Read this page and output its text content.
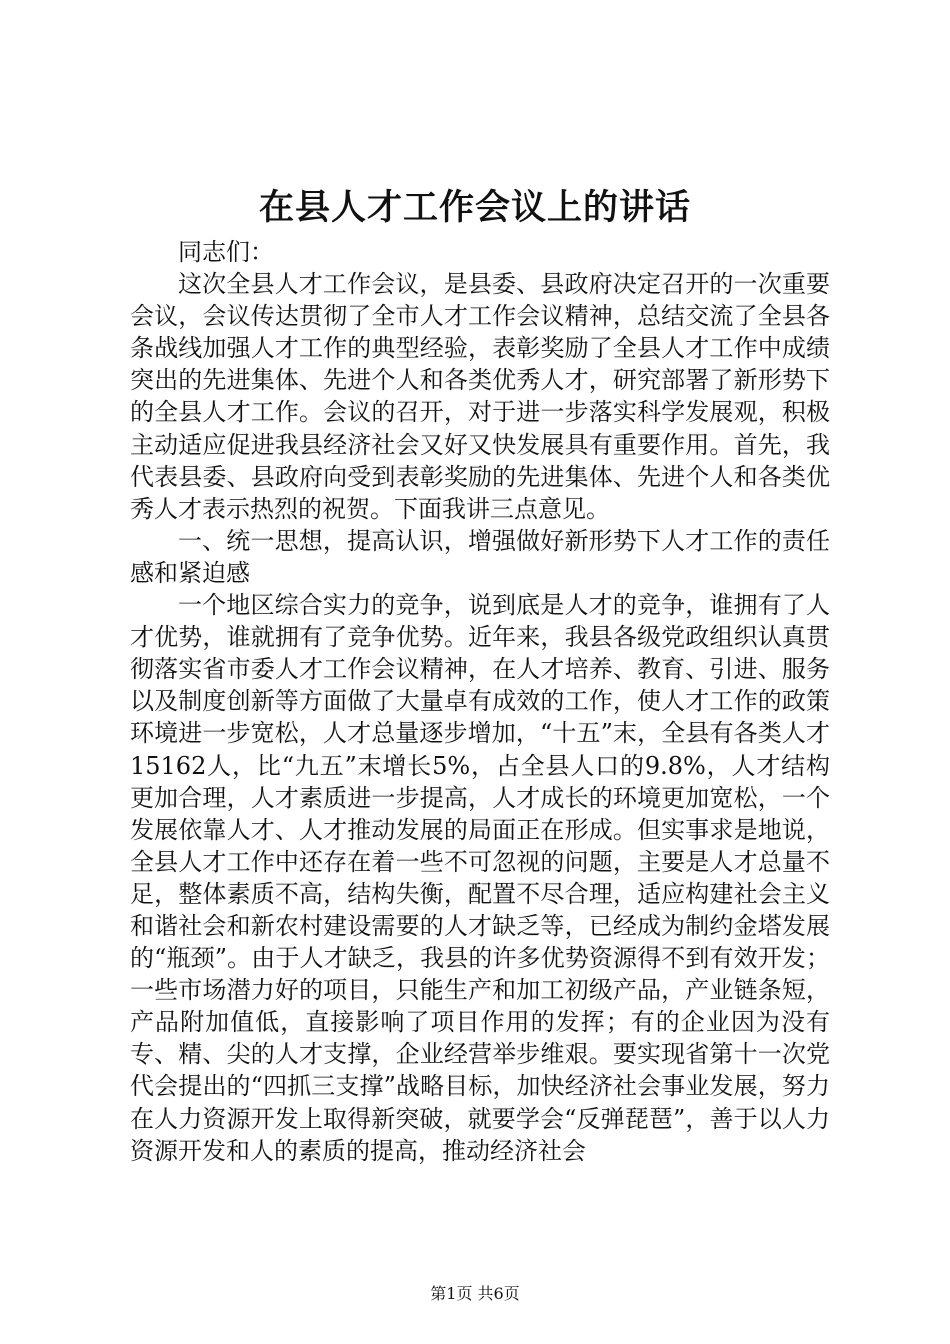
在县人才工作会议上的讲话

同志们：

这次全县人才工作会议，是县委、县政府决定召开的一次重要会议，会议传达贯彻了全市人才工作会议精神，总结交流了全县各条战线加强人才工作的典型经验，表彰奖励了全县人才工作中成绩突出的先进集体、先进个人和各类优秀人才，研究部署了新形势下的全县人才工作。会议的召开，对于进一步落实科学发展观，积极主动适应促进我县经济社会又好又快发展具有重要作用。首先，我代表县委、县政府向受到表彰奖励的先进集体、先进个人和各类优秀人才表示热烈的祝贺。下面我讲三点意见。

一、统一思想，提高认识，增强做好新形势下人才工作的责任感和紧迫感

一个地区综合实力的竞争，说到底是人才的竞争，谁拥有了人才优势，谁就拥有了竞争优势。近年来，我县各级党政组织认真贯彻落实省市委人才工作会议精神，在人才培养、教育、引进、服务以及制度创新等方面做了大量卓有成效的工作，使人才工作的政策环境进一步宽松，人才总量逐步增加，“十五”末，全县有各类人才15162人，比“九五”末增长5%，占全县人口的9.8%，人才结构更加合理，人才素质进一步提高，人才成长的环境更加宽松，一个发展依靠人才、人才推动发展的局面正在形成。但实事求是地说，全县人才工作中还存在着一些不可忽视的问题，主要是人才总量不足，整体素质不高，结构失衡，配置不尽合理，适应构建社会主义和谐社会和新农村建设需要的人才缺乏等，已经成为制约金塔发展的“瓶颈”。由于人才缺乏，我县的许多优势资源得不到有效开发；一些市场潜力好的项目，只能生产和加工初级产品，产业链条短，产品附加值低，直接影响了项目作用的发挥；有的企业因为没有专、精、尖的人才支撑，企业经营举步维艰。要实现省第十一次党代会提出的“四抓三支撑”战略目标，加快经济社会事业发展，努力在人力资源开发上取得新突破，就要学会“反弹琵琶”，善于以人力资源开发和人的素质的提高，推动经济社会

第1页 共6页
